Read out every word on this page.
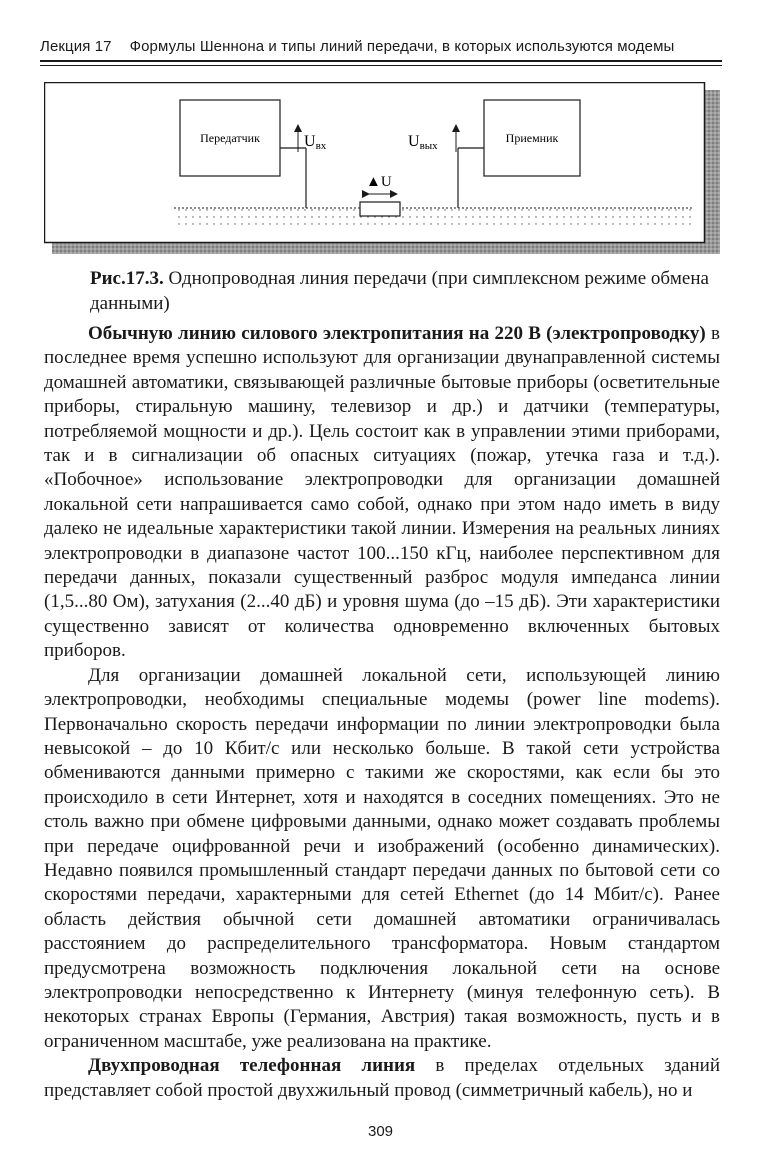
Лекция 17 Формулы Шеннона и типы линий передачи, в которых используются модемы
Передатчик	Приемник
Uвх	Uвых
▲U
Рис.17.3. Однопроводная линия передачи (при симплексном режиме обмена данными)

Обычную линию силового электропитания на 220 В (электропроводку) в последнее время успешно используют для организации двунаправленной системы домашней автоматики, связывающей различные бытовые приборы (осветительные приборы, стиральную машину, телевизор и др.) и датчики (температуры, потребляемой мощности и др.). Цель состоит как в управлении этими приборами, так и в сигнализации об опасных ситуациях (пожар, утечка газа и т.д.). «Побочное» использование электропроводки для организации домашней локальной сети напрашивается само собой, однако при этом надо иметь в виду далеко не идеальные характеристики такой линии. Измерения на реальных линиях электропроводки в диапазоне частот 100...150 кГц, наиболее перспективном для передачи данных, показали существенный разброс модуля импеданса линии (1,5...80 Ом), затухания (2...40 дБ) и уровня шума (до –15 дБ). Эти характеристики существенно зависят от количества одновременно включенных бытовых приборов.

Для организации домашней локальной сети, использующей линию электропроводки, необходимы специальные модемы (power line modems). Первоначально скорость передачи информации по линии электропроводки была невысокой – до 10 Кбит/с или несколько больше. В такой сети устройства обмениваются данными примерно с такими же скоростями, как если бы это происходило в сети Интернет, хотя и находятся в соседних помещениях. Это не столь важно при обмене цифровыми данными, однако может создавать проблемы при передаче оцифрованной речи и изображений (особенно динамических). Недавно появился промышленный стандарт передачи данных по бытовой сети со скоростями передачи, характерными для сетей Ethernet (до 14 Мбит/с). Ранее область действия обычной сети домашней автоматики ограничивалась расстоянием до распределительного трансформатора. Новым стандартом предусмотрена возможность подключения локальной сети на основе электропроводки непосредственно к Интернету (минуя телефонную сеть). В некоторых странах Европы (Германия, Австрия) такая возможность, пусть и в ограниченном масштабе, уже реализована на практике.

Двухпроводная телефонная линия в пределах отдельных зданий представляет собой простой двухжильный провод (симметричный кабель), но и

309
